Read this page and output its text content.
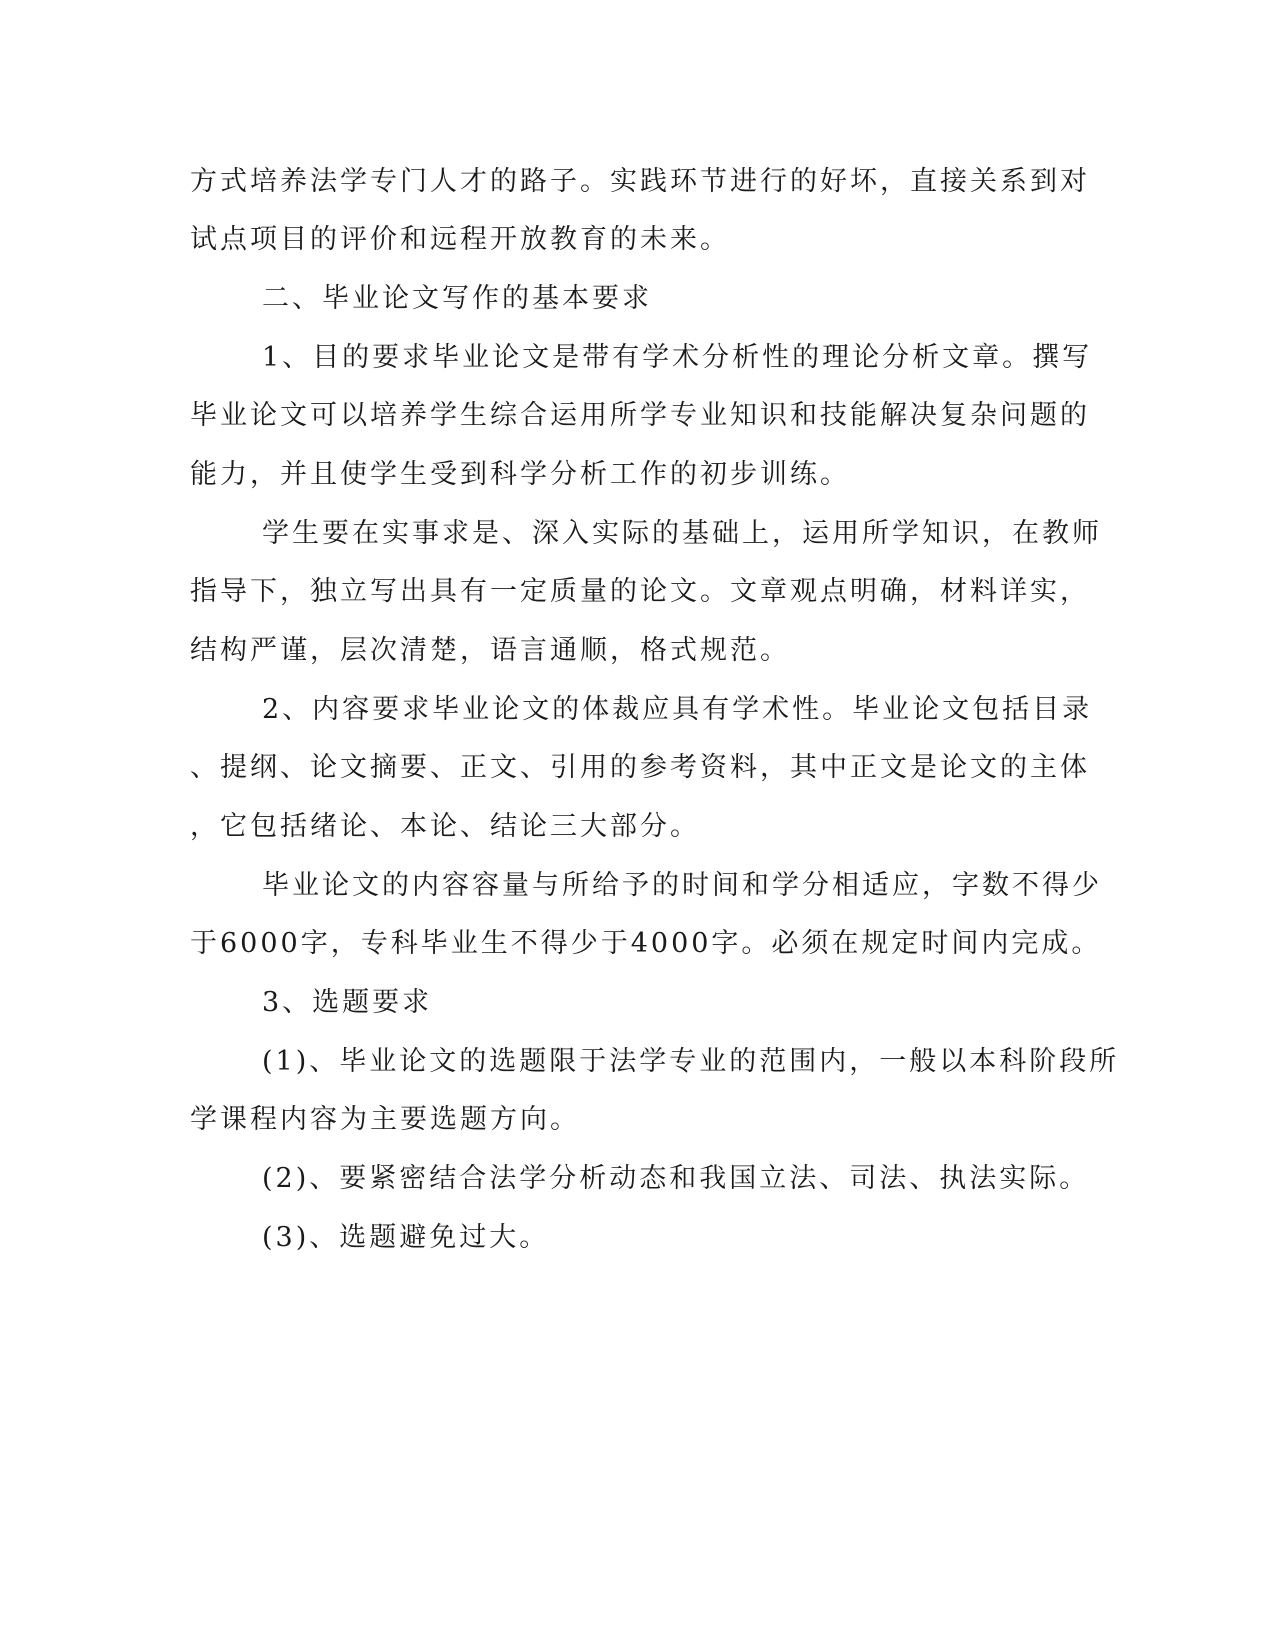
方式培养法学专门人才的路子。实践环节进行的好坏，直接关系到对
试点项目的评价和远程开放教育的未来。
二、毕业论文写作的基本要求
1、目的要求毕业论文是带有学术分析性的理论分析文章。撰写
毕业论文可以培养学生综合运用所学专业知识和技能解决复杂问题的
能力，并且使学生受到科学分析工作的初步训练。
学生要在实事求是、深入实际的基础上，运用所学知识，在教师
指导下，独立写出具有一定质量的论文。文章观点明确，材料详实，
结构严谨，层次清楚，语言通顺，格式规范。
2、内容要求毕业论文的体裁应具有学术性。毕业论文包括目录
、提纲、论文摘要、正文、引用的参考资料，其中正文是论文的主体
，它包括绪论、本论、结论三大部分。
毕业论文的内容容量与所给予的时间和学分相适应，字数不得少
于6000字，专科毕业生不得少于4000字。必须在规定时间内完成。
3、选题要求
(1)、毕业论文的选题限于法学专业的范围内，一般以本科阶段所
学课程内容为主要选题方向。
(2)、要紧密结合法学分析动态和我国立法、司法、执法实际。
(3)、选题避免过大。
